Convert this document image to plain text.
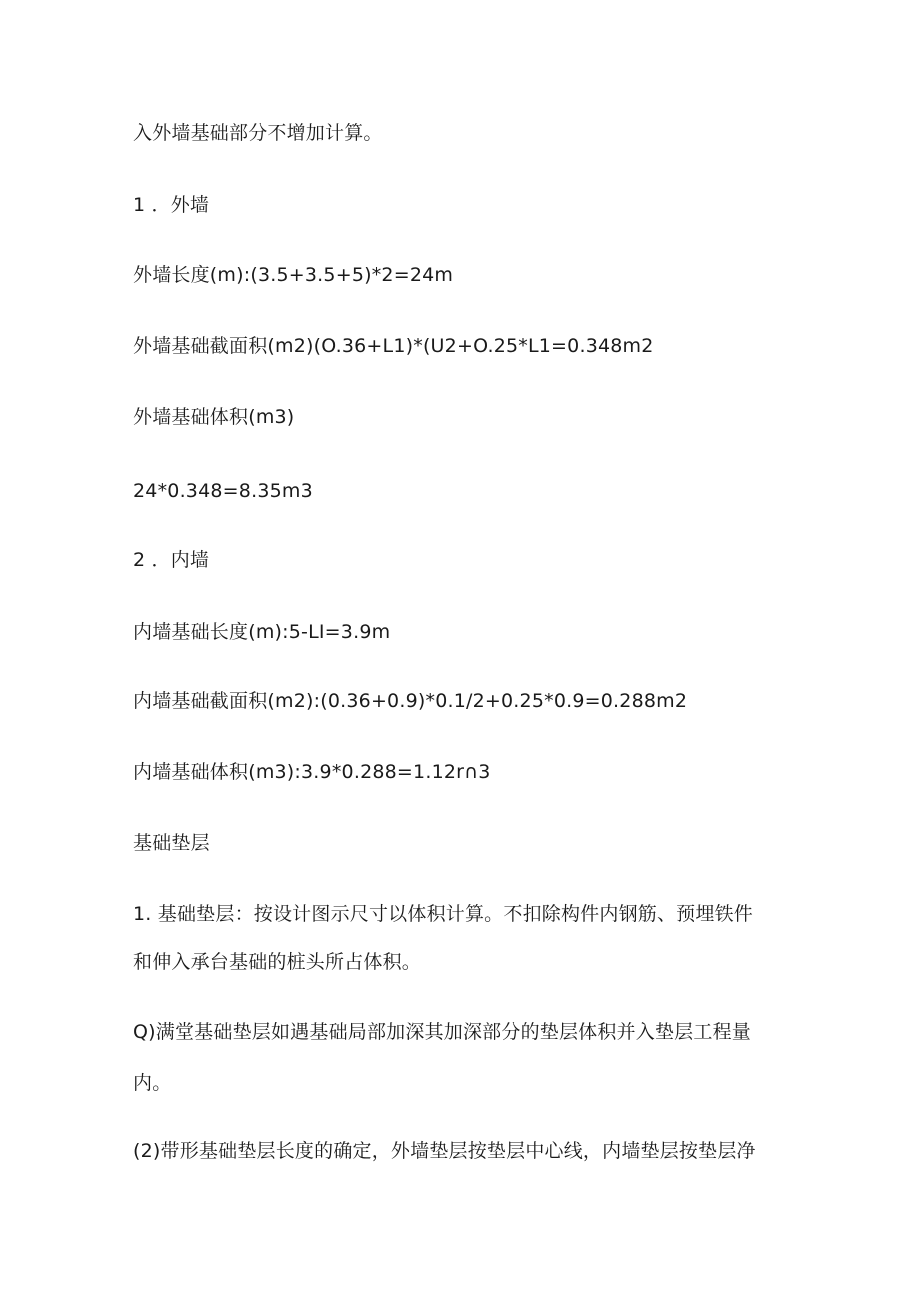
入外墙基础部分不增加计算。
1 ．外墙
外墙长度(m):(3.5+3.5+5)*2=24m
外墙基础截面积(m2)(O.36+L1)*(U2+O.25*L1=0.348m2
外墙基础体积(m3)
24*0.348=8.35m3
2 ．内墙
内墙基础长度(m):5-LI=3.9m
内墙基础截面积(m2):(0.36+0.9)*0.1/2+0.25*0.9=0.288m2
内墙基础体积(m3):3.9*0.288=1.12r∩3
基础垫层
1. 基础垫层：按设计图示尺寸以体积计算。不扣除构件内钢筋、预埋铁件
和伸入承台基础的桩头所占体积。
Q)满堂基础垫层如遇基础局部加深其加深部分的垫层体积并入垫层工程量
内。
(2)带形基础垫层长度的确定，外墙垫层按垫层中心线，内墙垫层按垫层净
